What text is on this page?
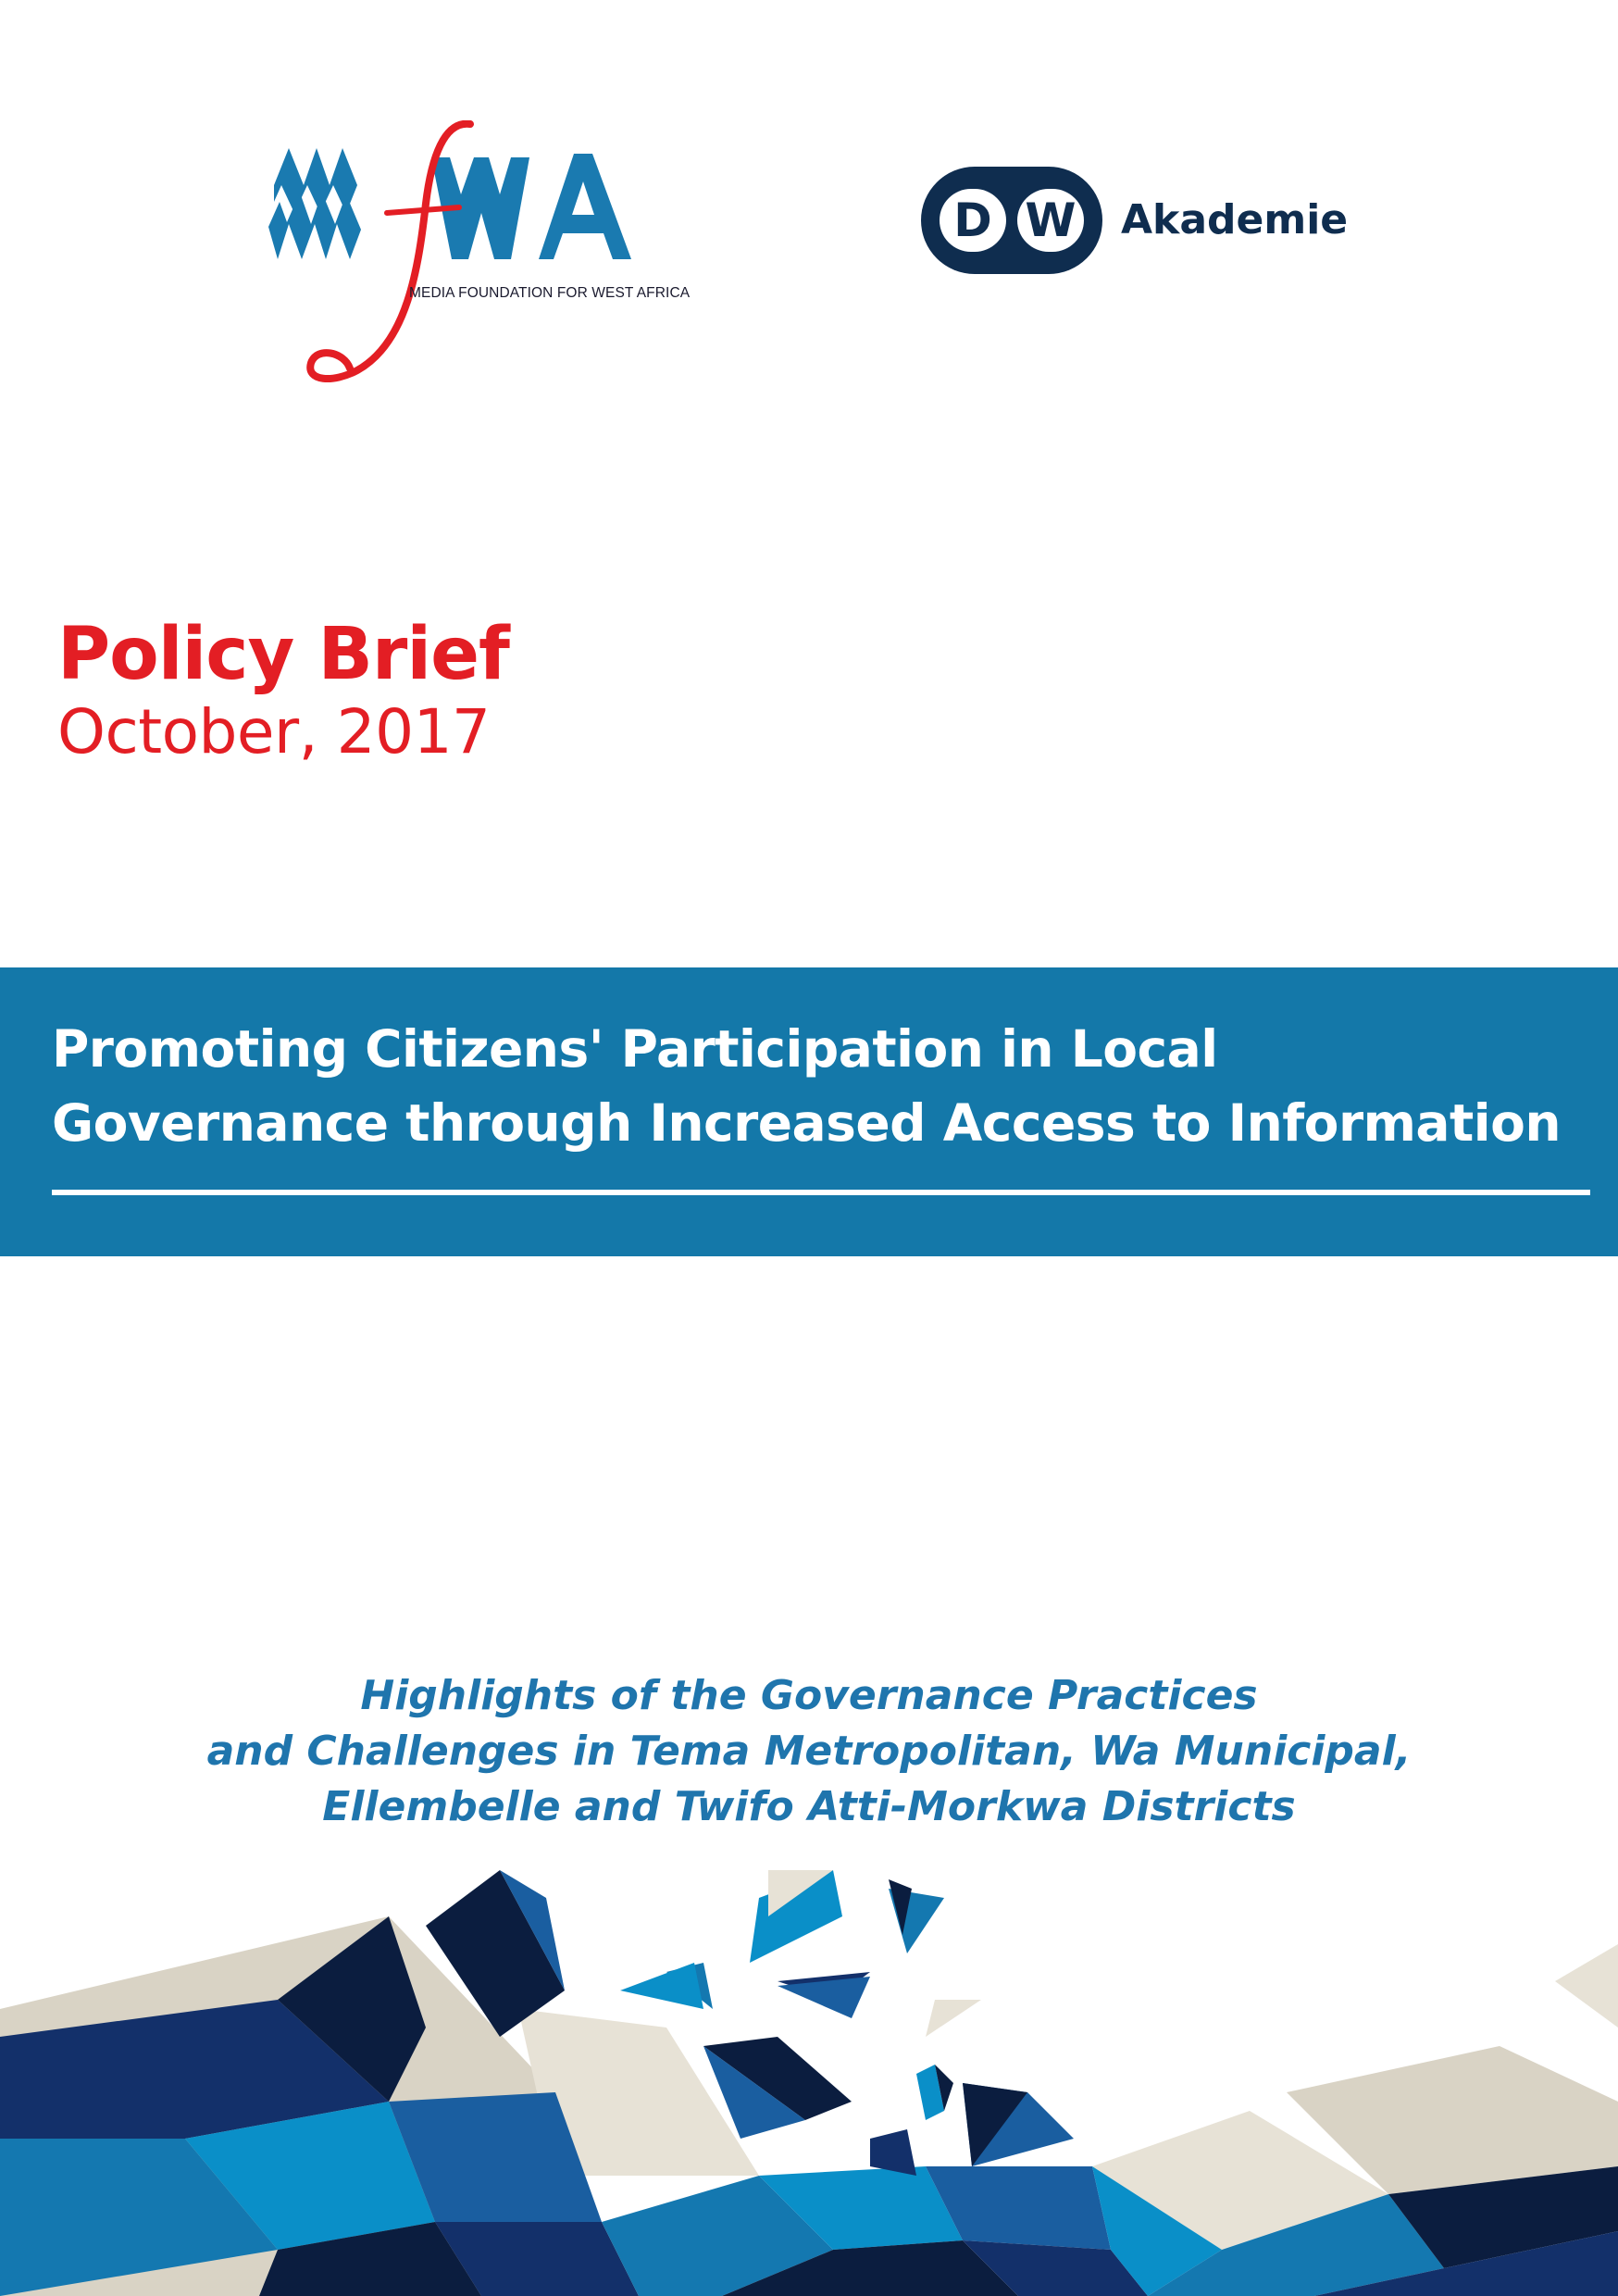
MEDIA FOUNDATION FOR WEST AFRICA
D W Akademie
Policy Brief
October, 2017
Promoting Citizens' Participation in Local
Governance through Increased Access to Information
Highlights of the Governance Practices
and Challenges in Tema Metropolitan, Wa Municipal,
Ellembelle and Twifo Atti-Morkwa Districts
